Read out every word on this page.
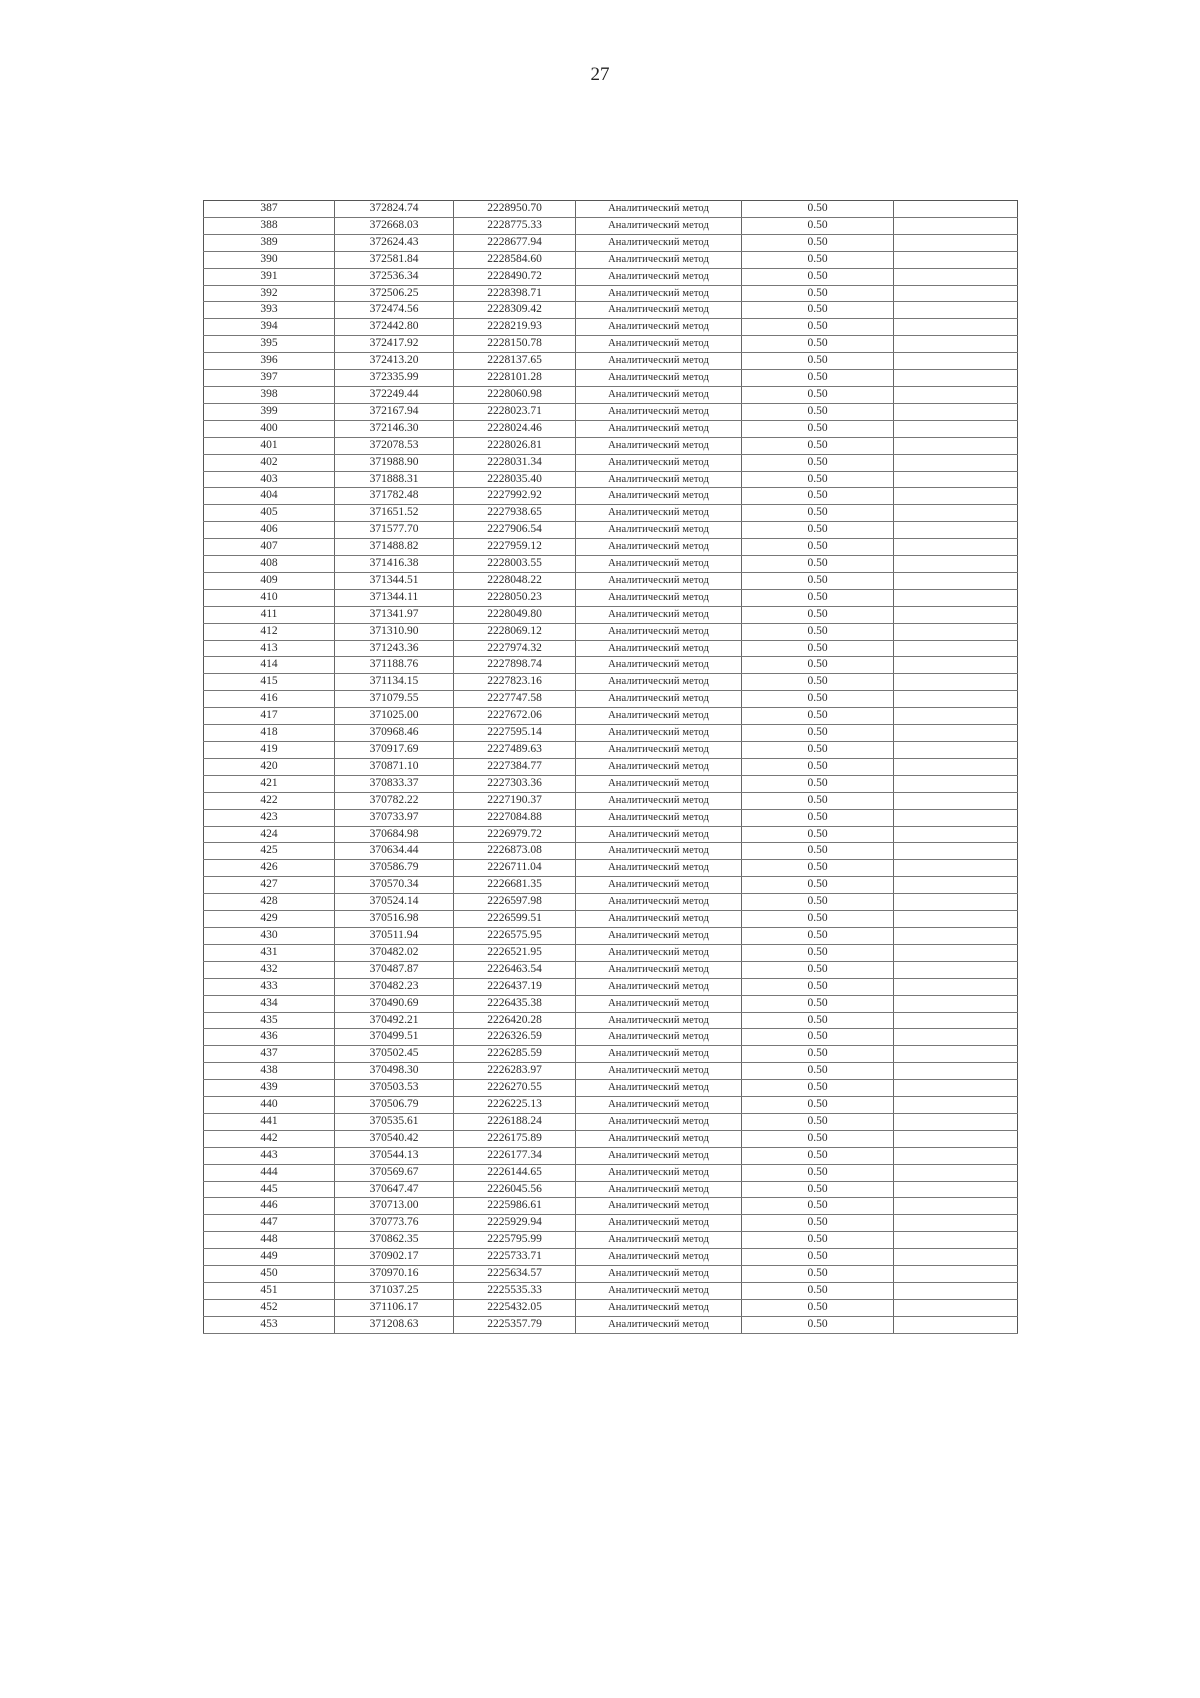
27
387	372824.74	2228950.70	Аналитический метод	0.50	
388	372668.03	2228775.33	Аналитический метод	0.50	
389	372624.43	2228677.94	Аналитический метод	0.50	
390	372581.84	2228584.60	Аналитический метод	0.50	
391	372536.34	2228490.72	Аналитический метод	0.50	
392	372506.25	2228398.71	Аналитический метод	0.50	
393	372474.56	2228309.42	Аналитический метод	0.50	
394	372442.80	2228219.93	Аналитический метод	0.50	
395	372417.92	2228150.78	Аналитический метод	0.50	
396	372413.20	2228137.65	Аналитический метод	0.50	
397	372335.99	2228101.28	Аналитический метод	0.50	
398	372249.44	2228060.98	Аналитический метод	0.50	
399	372167.94	2228023.71	Аналитический метод	0.50	
400	372146.30	2228024.46	Аналитический метод	0.50	
401	372078.53	2228026.81	Аналитический метод	0.50	
402	371988.90	2228031.34	Аналитический метод	0.50	
403	371888.31	2228035.40	Аналитический метод	0.50	
404	371782.48	2227992.92	Аналитический метод	0.50	
405	371651.52	2227938.65	Аналитический метод	0.50	
406	371577.70	2227906.54	Аналитический метод	0.50	
407	371488.82	2227959.12	Аналитический метод	0.50	
408	371416.38	2228003.55	Аналитический метод	0.50	
409	371344.51	2228048.22	Аналитический метод	0.50	
410	371344.11	2228050.23	Аналитический метод	0.50	
411	371341.97	2228049.80	Аналитический метод	0.50	
412	371310.90	2228069.12	Аналитический метод	0.50	
413	371243.36	2227974.32	Аналитический метод	0.50	
414	371188.76	2227898.74	Аналитический метод	0.50	
415	371134.15	2227823.16	Аналитический метод	0.50	
416	371079.55	2227747.58	Аналитический метод	0.50	
417	371025.00	2227672.06	Аналитический метод	0.50	
418	370968.46	2227595.14	Аналитический метод	0.50	
419	370917.69	2227489.63	Аналитический метод	0.50	
420	370871.10	2227384.77	Аналитический метод	0.50	
421	370833.37	2227303.36	Аналитический метод	0.50	
422	370782.22	2227190.37	Аналитический метод	0.50	
423	370733.97	2227084.88	Аналитический метод	0.50	
424	370684.98	2226979.72	Аналитический метод	0.50	
425	370634.44	2226873.08	Аналитический метод	0.50	
426	370586.79	2226711.04	Аналитический метод	0.50	
427	370570.34	2226681.35	Аналитический метод	0.50	
428	370524.14	2226597.98	Аналитический метод	0.50	
429	370516.98	2226599.51	Аналитический метод	0.50	
430	370511.94	2226575.95	Аналитический метод	0.50	
431	370482.02	2226521.95	Аналитический метод	0.50	
432	370487.87	2226463.54	Аналитический метод	0.50	
433	370482.23	2226437.19	Аналитический метод	0.50	
434	370490.69	2226435.38	Аналитический метод	0.50	
435	370492.21	2226420.28	Аналитический метод	0.50	
436	370499.51	2226326.59	Аналитический метод	0.50	
437	370502.45	2226285.59	Аналитический метод	0.50	
438	370498.30	2226283.97	Аналитический метод	0.50	
439	370503.53	2226270.55	Аналитический метод	0.50	
440	370506.79	2226225.13	Аналитический метод	0.50	
441	370535.61	2226188.24	Аналитический метод	0.50	
442	370540.42	2226175.89	Аналитический метод	0.50	
443	370544.13	2226177.34	Аналитический метод	0.50	
444	370569.67	2226144.65	Аналитический метод	0.50	
445	370647.47	2226045.56	Аналитический метод	0.50	
446	370713.00	2225986.61	Аналитический метод	0.50	
447	370773.76	2225929.94	Аналитический метод	0.50	
448	370862.35	2225795.99	Аналитический метод	0.50	
449	370902.17	2225733.71	Аналитический метод	0.50	
450	370970.16	2225634.57	Аналитический метод	0.50	
451	371037.25	2225535.33	Аналитический метод	0.50	
452	371106.17	2225432.05	Аналитический метод	0.50	
453	371208.63	2225357.79	Аналитический метод	0.50	
